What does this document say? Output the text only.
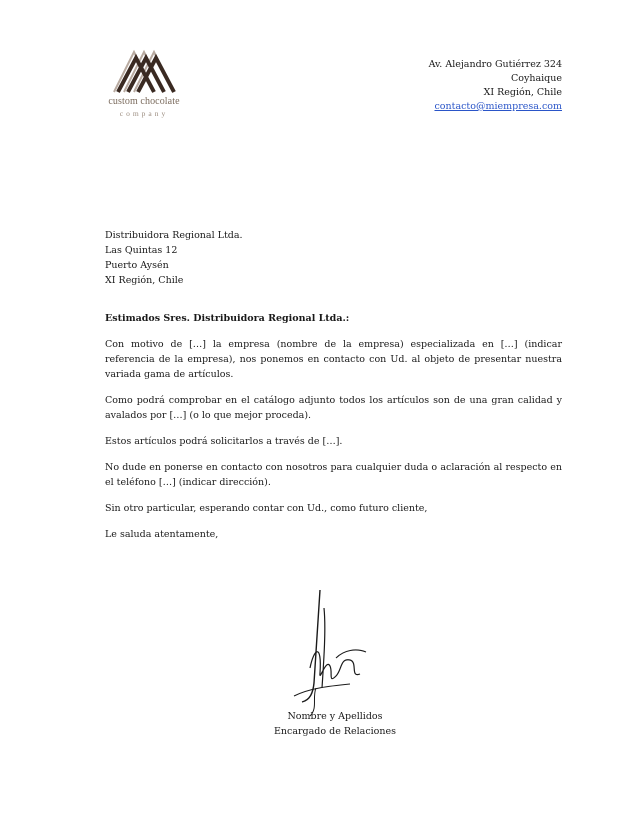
custom chocolate
company
Av. Alejandro Gutiérrez 324
Coyhaique
XI Región, Chile
contacto@miempresa.com
Distribuidora Regional Ltda.
Las Quintas 12
Puerto Aysén
XI Región, Chile

Estimados Sres. Distribuidora Regional Ltda.:

Con motivo de […] la empresa (nombre de la empresa) especializada en […] (indicar referencia de la empresa), nos ponemos en contacto con Ud. al objeto de presentar nuestra variada gama de artículos.

Como podrá comprobar en el catálogo adjunto todos los artículos son de una gran calidad y avalados por […] (o lo que mejor proceda).

Estos artículos podrá solicitarlos a través de […].

No dude en ponerse en contacto con nosotros para cualquier duda o aclaración al respecto en el teléfono […] (indicar dirección).

Sin otro particular, esperando contar con Ud., como futuro cliente,

Le saluda atentamente,

Nombre y Apellidos
Encargado de Relaciones
